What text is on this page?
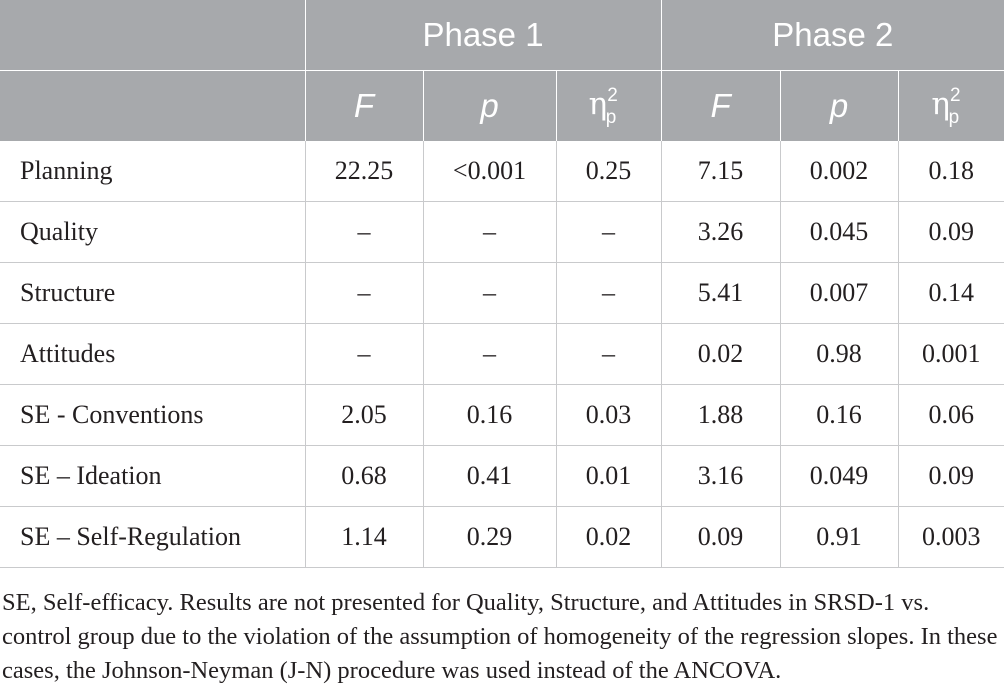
	Phase 1			Phase 2		
	F	p	$\eta^2_p$	F	p	$\eta^2_p$
Planning	22.25	<0.001	0.25	7.15	0.002	0.18
Quality	–	–	–	3.26	0.045	0.09
Structure	–	–	–	5.41	0.007	0.14
Attitudes	–	–	–	0.02	0.98	0.001
SE - Conventions	2.05	0.16	0.03	1.88	0.16	0.06
SE – Ideation	0.68	0.41	0.01	3.16	0.049	0.09
SE – Self-Regulation	1.14	0.29	0.02	0.09	0.91	0.003

SE, Self-efficacy. Results are not presented for Quality, Structure, and Attitudes in SRSD-1 vs. control group due to the violation of the assumption of homogeneity of the regression slopes. In these cases, the Johnson-Neyman (J-N) procedure was used instead of the ANCOVA.
